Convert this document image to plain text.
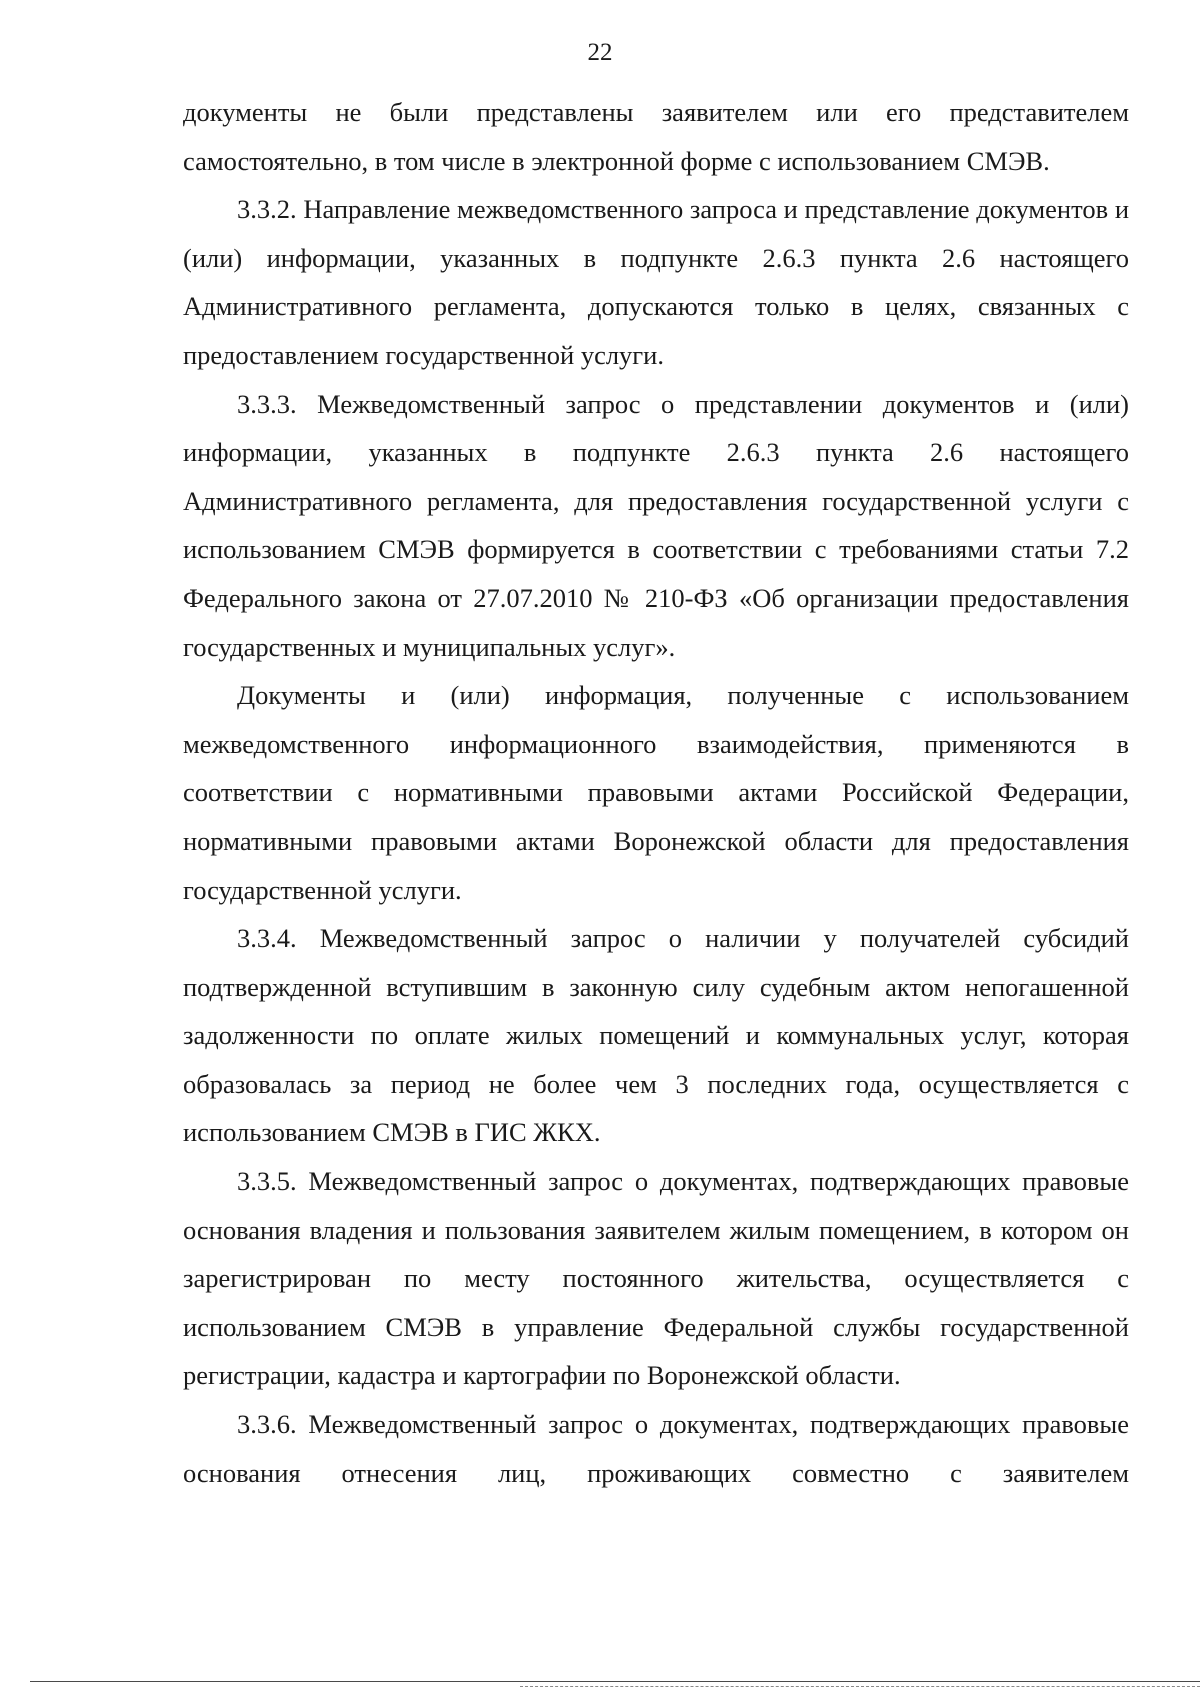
22

документы не были представлены заявителем или его представителем самостоятельно, в том числе в электронной форме с использованием СМЭВ.

3.3.2. Направление межведомственного запроса и представление документов и (или) информации, указанных в подпункте 2.6.3 пункта 2.6 настоящего Административного регламента, допускаются только в целях, связанных с предоставлением государственной услуги.

3.3.3. Межведомственный запрос о представлении документов и (или) информации, указанных в подпункте 2.6.3 пункта 2.6 настоящего Административного регламента, для предоставления государственной услуги с использованием СМЭВ формируется в соответствии с требованиями статьи 7.2 Федерального закона от 27.07.2010 № 210-ФЗ «Об организации предоставления государственных и муниципальных услуг».

Документы и (или) информация, полученные с использованием межведомственного информационного взаимодействия, применяются в соответствии с нормативными правовыми актами Российской Федерации, нормативными правовыми актами Воронежской области для предоставления государственной услуги.

3.3.4. Межведомственный запрос о наличии у получателей субсидий подтвержденной вступившим в законную силу судебным актом непогашенной задолженности по оплате жилых помещений и коммунальных услуг, которая образовалась за период не более чем 3 последних года, осуществляется с использованием СМЭВ в ГИС ЖКХ.

3.3.5. Межведомственный запрос о документах, подтверждающих правовые основания владения и пользования заявителем жилым помещением, в котором он зарегистрирован по месту постоянного жительства, осуществляется с использованием СМЭВ в управление Федеральной службы государственной регистрации, кадастра и картографии по Воронежской области.

3.3.6. Межведомственный запрос о документах, подтверждающих правовые основания отнесения лиц, проживающих совместно с заявителем
